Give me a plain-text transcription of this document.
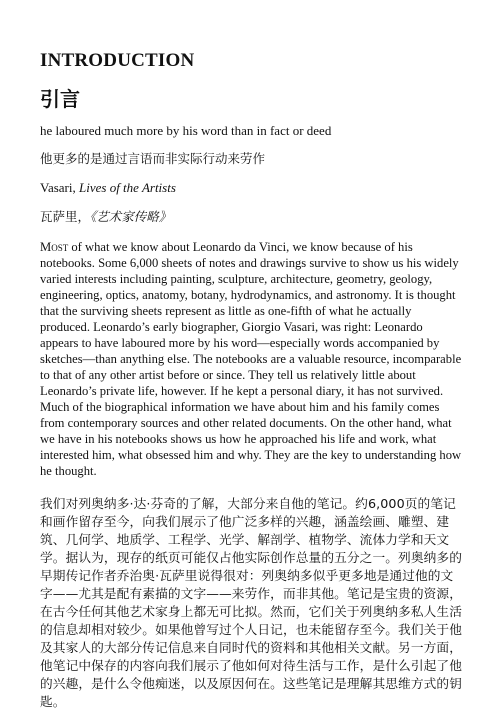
INTRODUCTION
引言

he laboured much more by his word than in fact or deed

他更多的是通过言语而非实际行动来劳作

Vasari, Lives of the Artists

瓦萨里，《艺术家传略》

Most of what we know about Leonardo da Vinci, we know because of his notebooks. Some 6,000 sheets of notes and drawings survive to show us his widely varied interests including painting, sculpture, architecture, geometry, geology, engineering, optics, anatomy, botany, hydrodynamics, and astronomy. It is thought that the surviving sheets represent as little as one-fifth of what he actually produced. Leonardo’s early biographer, Giorgio Vasari, was right: Leonardo appears to have laboured more by his word—especially words accompanied by sketches—than anything else. The notebooks are a valuable resource, incomparable to that of any other artist before or since. They tell us relatively little about Leonardo’s private life, however. If he kept a personal diary, it has not survived. Much of the biographical information we have about him and his family comes from contemporary sources and other related documents. On the other hand, what we have in his notebooks shows us how he approached his life and work, what interested him, what obsessed him and why. They are the key to understanding how he thought.

我们对列奥纳多·达·芬奇的了解，大部分来自他的笔记。约6,000页的笔记和画作留存至今，向我们展示了他广泛多样的兴趣，涵盖绘画、雕塑、建筑、几何学、地质学、工程学、光学、解剖学、植物学、流体力学和天文学。据认为，现存的纸页可能仅占他实际创作总量的五分之一。列奥纳多的早期传记作者乔治奥·瓦萨里说得很对：列奥纳多似乎更多地是通过他的文字——尤其是配有素描的文字——来劳作，而非其他。笔记是宝贵的资源，在古今任何其他艺术家身上都无可比拟。然而，它们关于列奥纳多私人生活的信息却相对较少。如果他曾写过个人日记，也未能留存至今。我们关于他及其家人的大部分传记信息来自同时代的资料和其他相关文献。另一方面，他笔记中保存的内容向我们展示了他如何对待生活与工作，是什么引起了他的兴趣，是什么令他痴迷，以及原因何在。这些笔记是理解其思维方式的钥匙。
